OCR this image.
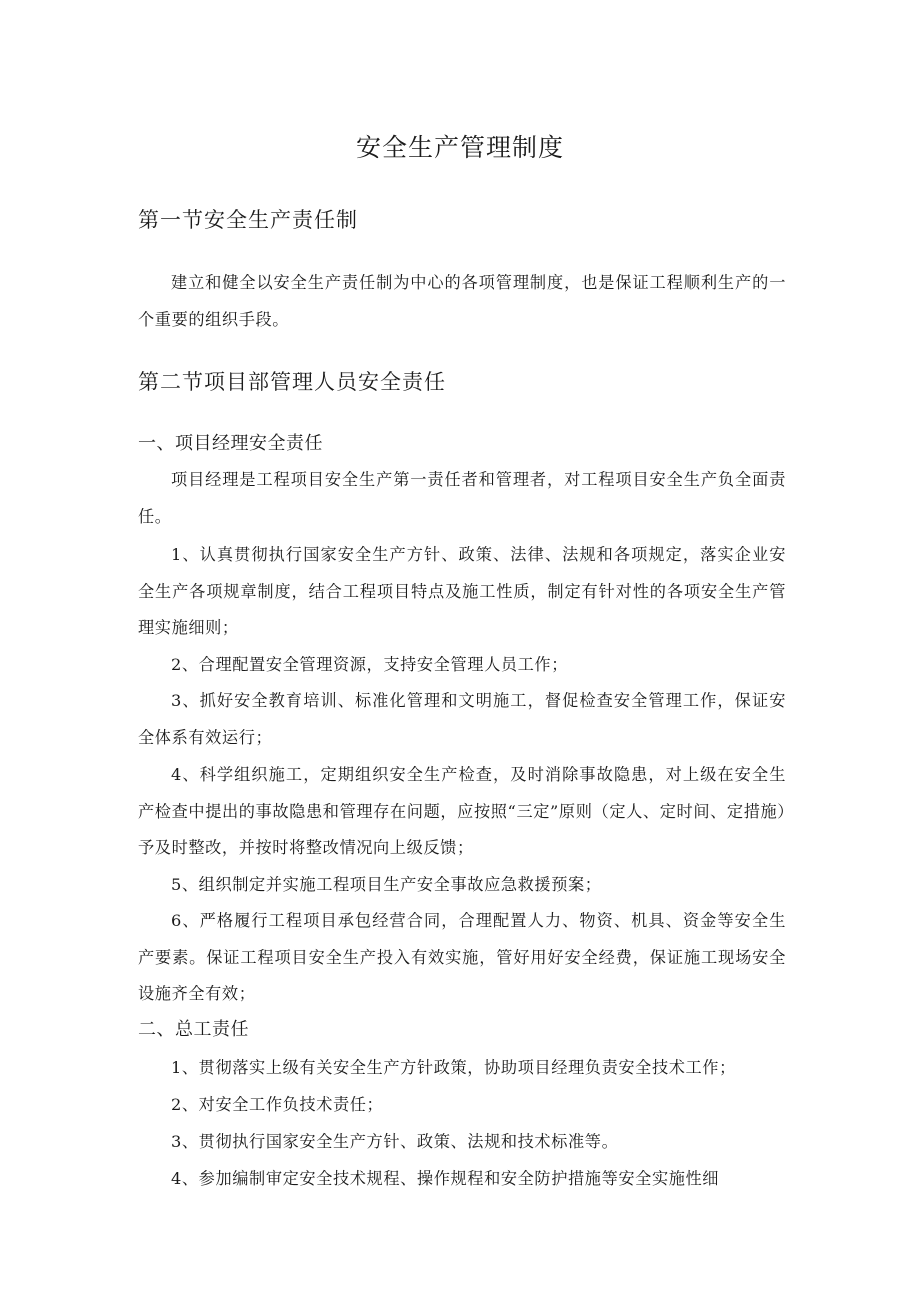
安全生产管理制度
第一节安全生产责任制

建立和健全以安全生产责任制为中心的各项管理制度，也是保证工程顺利生产的一个重要的组织手段。

第二节项目部管理人员安全责任
一、项目经理安全责任

项目经理是工程项目安全生产第一责任者和管理者，对工程项目安全生产负全面责任。

1、认真贯彻执行国家安全生产方针、政策、法律、法规和各项规定，落实企业安全生产各项规章制度，结合工程项目特点及施工性质，制定有针对性的各项安全生产管理实施细则；

2、合理配置安全管理资源，支持安全管理人员工作；

3、抓好安全教育培训、标准化管理和文明施工，督促检查安全管理工作，保证安全体系有效运行；

4、科学组织施工，定期组织安全生产检查，及时消除事故隐患，对上级在安全生产检查中提出的事故隐患和管理存在问题，应按照“三定”原则（定人、定时间、定措施）予及时整改，并按时将整改情况向上级反馈；

5、组织制定并实施工程项目生产安全事故应急救援预案；

6、严格履行工程项目承包经营合同，合理配置人力、物资、机具、资金等安全生产要素。保证工程项目安全生产投入有效实施，管好用好安全经费，保证施工现场安全设施齐全有效；

二、总工责任

1、贯彻落实上级有关安全生产方针政策，协助项目经理负责安全技术工作；

2、对安全工作负技术责任；

3、贯彻执行国家安全生产方针、政策、法规和技术标准等。

4、参加编制审定安全技术规程、操作规程和安全防护措施等安全实施性细
